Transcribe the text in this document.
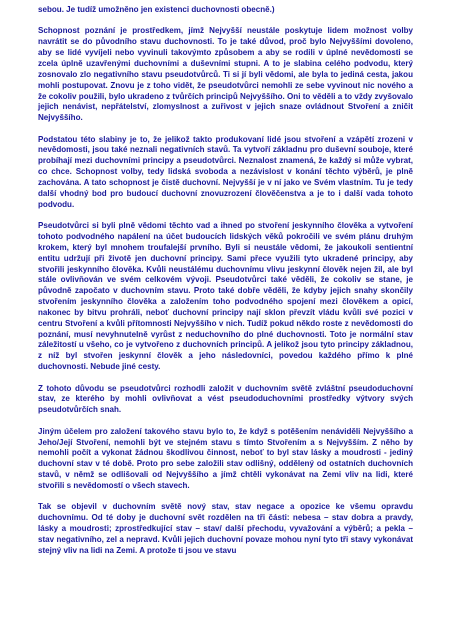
sebou. Je tudíž umožněno jen existenci duchovnosti obecně.)

Schopnost poznání je prostředkem, jímž Nejvyšší neustále poskytuje lidem možnost volby navrátit se do původního stavu duchovnosti. To je také důvod, proč bylo Nejvyššími dovoleno, aby se lidé vyvíjeli nebo vyvinuli takovýmto způsobem a aby se rodili v úplné nevědomosti se zcela úplně uzavřenými duchovními a duševními stupni. A to je slabina celého podvodu, který zosnovalo zlo negativního stavu pseudotvůrců. Ti si jí byli vědomi, ale byla to jediná cesta, jakou mohli postupovat. Znovu je z toho vidět, že pseudotvůrci nemohli ze sebe vyvinout nic nového a že cokoliv použili, bylo ukradeno z tvůrčích principů Nejvyššího. Oni to věděli a to vždy zvyšovalo jejich nenávist, nepřátelství, zlomyslnost a zuřivost v jejich snaze ovládnout Stvoření a zničit Nejvyššího.

Podstatou této slabiny je to, že jelikož takto produkovaní lidé jsou stvoření a vzápětí zrozeni v nevědomosti, jsou také neznali negativních stavů. Ta vytvoří základnu pro duševní souboje, které probíhají mezi duchovními principy a pseudotvůrci. Neznalost znamená, že každý si může vybrat, co chce. Schopnost volby, tedy lidská svoboda a nezávislost v konání těchto výběrů, je plně zachována. A tato schopnost je čistě duchovní. Nejvyšší je v ní jako ve Svém vlastním. Tu je tedy další vhodný bod pro budoucí duchovní znovuzrození člověčenstva a je to i další vada tohoto podvodu.

Pseudotvůrci si byli plně vědomi těchto vad a ihned po stvoření jeskynního člověka a vytvoření tohoto podvodného napálení na účet budoucích lidských věků pokročili ve svém plánu druhým krokem, který byl mnohem troufalejší prvního. Byli si neustále vědomi, že jakoukoli sentientní entitu udržují při životě jen duchovní principy. Sami přece využili tyto ukradené principy, aby stvořili jeskynního člověka. Kvůli neustálému duchovnímu vlivu jeskynní člověk nejen žil, ale byl stále ovlivňován ve svém celkovém vývoji. Pseudotvůrci také věděli, že cokoliv se stane, je původně započato v duchovním stavu. Proto také dobře věděli, že kdyby jejich snahy skončily stvořením jeskynního člověka a založením toho podvodného spojení mezi člověkem a opicí, nakonec by bitvu prohráli, neboť duchovní principy nají sklon převzít vládu kvůli své pozici v centru Stvoření a kvůli přítomnosti Nejvyššího v nich. Tudíž pokud někdo roste z nevědomosti do poznání, musí nevyhnutelně vyrůst z neduchovního do plné duchovnosti. Toto je normální stav záležitostí u všeho, co je vytvořeno z duchovních principů. A jelikož jsou tyto principy základnou, z níž byl stvořen jeskynní člověk a jeho následovníci, povedou každého přímo k plné duchovnosti. Nebude jiné cesty.

Z tohoto důvodu se pseudotvůrci rozhodli založit v duchovním světě zvláštní pseudoduchovní stav, ze kterého by mohli ovlivňovat a vést pseudoduchovními prostředky výtvory svých pseudotvůrčích snah.

Jiným účelem pro založení takového stavu bylo to, že když s potěšením nenáviděli Nejvyššího a Jeho/Její Stvoření, nemohli být ve stejném stavu s tímto Stvořením a s Nejvyšším. Z něho by nemohli počít a vykonat žádnou škodlivou činnost, neboť to byl stav lásky a moudrosti - jediný duchovní stav v té době. Proto pro sebe založili stav odlišný, oddělený od ostatních duchovních stavů, v němž se odlišovali od Nejvyššího a jímž chtěli vykonávat na Zemi vliv na lidi, které stvořili s nevědomostí o všech stavech.

Tak se objevil v duchovním světě nový stav, stav negace a opozice ke všemu opravdu duchovnímu. Od té doby je duchovní svět rozdělen na tři části: nebesa – stav dobra a pravdy, lásky a moudrosti; zprostředkující stav – stav/ další přechodu, vyvažování a výběrů; a pekla – stav negativního, zel a nepravd. Kvůli jejich duchovní povaze mohou nyní tyto tři stavy vykonávat stejný vliv na lidi na Zemi. A protože ti jsou ve stavu
